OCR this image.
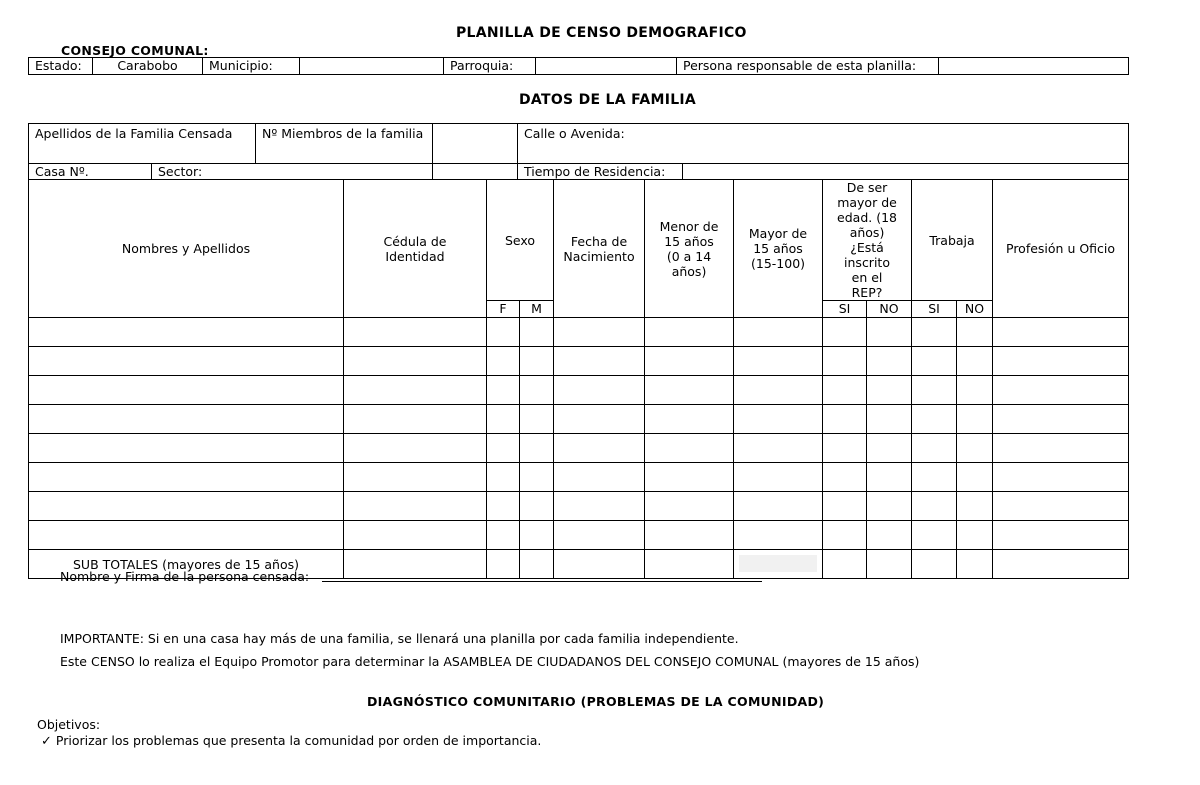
PLANILLA DE CENSO DEMOGRAFICO
CONSEJO COMUNAL:
Estado:	Carabobo	Municipio:		Parroquia:		Persona responsable de esta planilla:	
DATOS DE LA FAMILIA
Apellidos de la Familia Censada		Nº Miembros de la familia		Calle o Avenida:
Casa Nº.	Sector:			Tiempo de Residencia:
Nombres y Apellidos	Cédula de Identidad	Sexo		Fecha de Nacimiento	Menor de 15 años (0 a 14 años)	Mayor de 15 años (15-100)	De ser mayor de edad. (18 años) ¿Está inscrito en el REP?		Trabaja		Profesión u Oficio
		F	M				SI	NO	SI	NO	

SUB TOTALES (mayores de 15 años)						

Nombre y Firma de la persona censada:
IMPORTANTE: Si en una casa hay más de una familia, se llenará una planilla por cada familia independiente.
Este CENSO lo realiza el Equipo Promotor para determinar la ASAMBLEA DE CIUDADANOS DEL CONSEJO COMUNAL (mayores de 15 años)
DIAGNÓSTICO COMUNITARIO (PROBLEMAS DE LA COMUNIDAD)
Objetivos:
✓ Priorizar los problemas que presenta la comunidad por orden de importancia.
